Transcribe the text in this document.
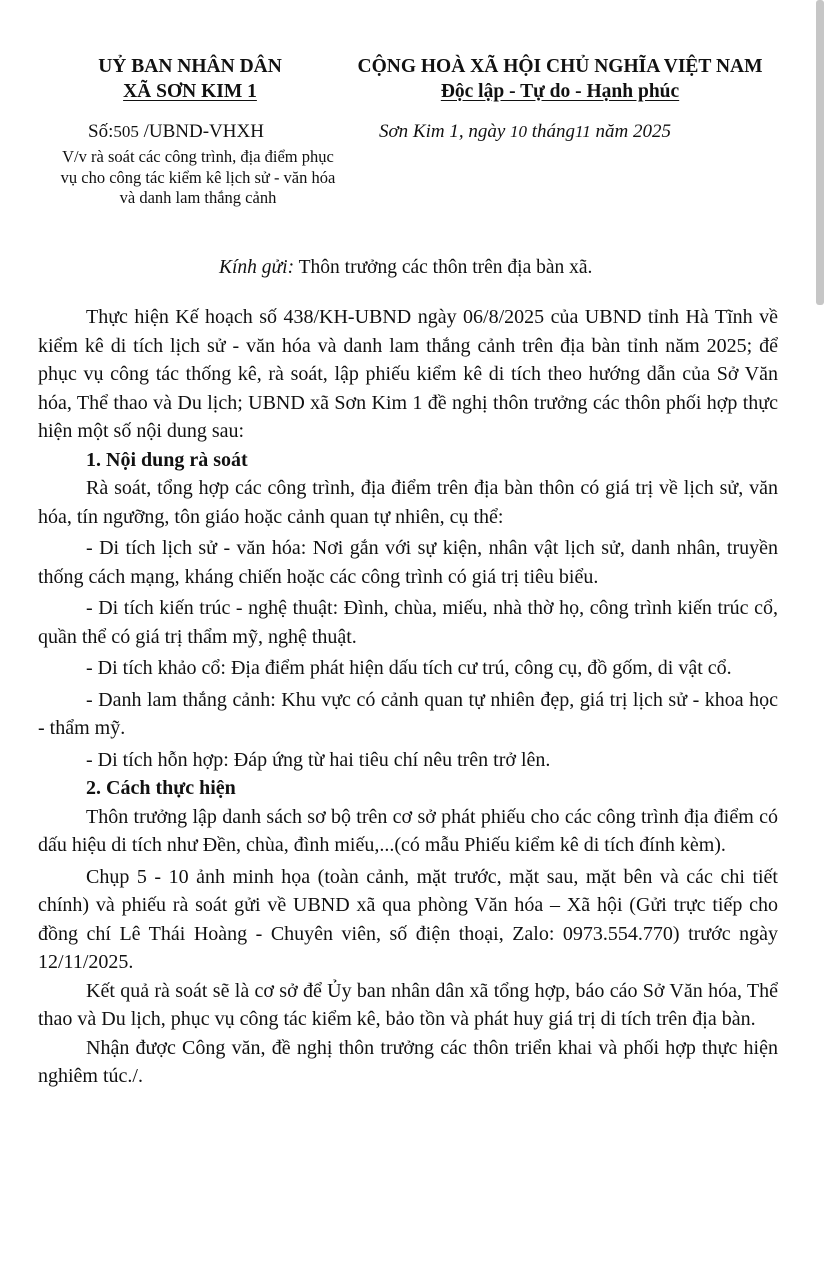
UỶ BAN NHÂN DÂN
XÃ SƠN KIM 1
CỘNG HOÀ XÃ HỘI CHỦ NGHĨA VIỆT NAM
Độc lập - Tự do - Hạnh phúc
Số:505 /UBND-VHXH	Sơn Kim 1, ngày 10 tháng11 năm 2025
V/v rà soát các công trình, địa điểm phục vụ cho công tác kiểm kê lịch sử - văn hóa và danh lam thắng cảnh
Kính gửi: Thôn trưởng các thôn trên địa bàn xã.

Thực hiện Kế hoạch số 438/KH-UBND ngày 06/8/2025 của UBND tỉnh Hà Tĩnh về kiểm kê di tích lịch sử - văn hóa và danh lam thắng cảnh trên địa bàn tỉnh năm 2025; để phục vụ công tác thống kê, rà soát, lập phiếu kiểm kê di tích theo hướng dẫn của Sở Văn hóa, Thể thao và Du lịch; UBND xã Sơn Kim 1 đề nghị thôn trưởng các thôn phối hợp thực hiện một số nội dung sau:

1. Nội dung rà soát

Rà soát, tổng hợp các công trình, địa điểm trên địa bàn thôn có giá trị về lịch sử, văn hóa, tín ngưỡng, tôn giáo hoặc cảnh quan tự nhiên, cụ thể:

- Di tích lịch sử - văn hóa: Nơi gắn với sự kiện, nhân vật lịch sử, danh nhân, truyền thống cách mạng, kháng chiến hoặc các công trình có giá trị tiêu biểu.

- Di tích kiến trúc - nghệ thuật: Đình, chùa, miếu, nhà thờ họ, công trình kiến trúc cổ, quần thể có giá trị thẩm mỹ, nghệ thuật.

- Di tích khảo cổ: Địa điểm phát hiện dấu tích cư trú, công cụ, đồ gốm, di vật cổ.

- Danh lam thắng cảnh: Khu vực có cảnh quan tự nhiên đẹp, giá trị lịch sử - khoa học - thẩm mỹ.

- Di tích hỗn hợp: Đáp ứng từ hai tiêu chí nêu trên trở lên.

2. Cách thực hiện

Thôn trưởng lập danh sách sơ bộ trên cơ sở phát phiếu cho các công trình địa điểm có dấu hiệu di tích như Đền, chùa, đình miếu,...(có mẫu Phiếu kiểm kê di tích đính kèm).

Chụp 5 - 10 ảnh minh họa (toàn cảnh, mặt trước, mặt sau, mặt bên và các chi tiết chính) và phiếu rà soát gửi về UBND xã qua phòng Văn hóa – Xã hội (Gửi trực tiếp cho đồng chí Lê Thái Hoàng - Chuyên viên, số điện thoại, Zalo: 0973.554.770) trước ngày 12/11/2025.

Kết quả rà soát sẽ là cơ sở để Ủy ban nhân dân xã tổng hợp, báo cáo Sở Văn hóa, Thể thao và Du lịch, phục vụ công tác kiểm kê, bảo tồn và phát huy giá trị di tích trên địa bàn.

Nhận được Công văn, đề nghị thôn trưởng các thôn triển khai và phối hợp thực hiện nghiêm túc./.
